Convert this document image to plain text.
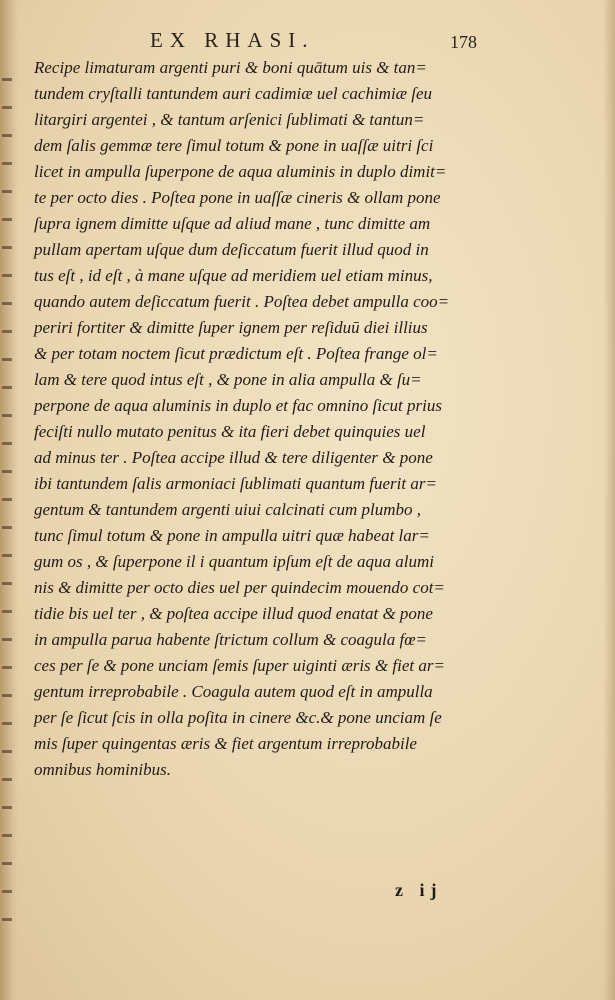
EX RHASI.	178
Recipe limaturam argenti puri & boni quātum uis & tan=
tundem cryſtalli tantundem auri cadimiæ uel cachimiæ ſeu
litargiri argentei , & tantum arſenici ſublimati & tantun=
dem ſalis gemmæ tere ſimul totum & pone in uaſſæ uitri ſci
licet in ampulla ſuperpone de aqua aluminis in duplo dimit=
te per octo dies . Poſtea pone in uaſſæ cineris & ollam pone
ſupra ignem dimitte uſque ad aliud mane , tunc dimitte am
pullam apertam uſque dum deſiccatum fuerit illud quod in
tus eſt , id eſt , à mane uſque ad meridiem uel etiam minus,
quando autem deſiccatum fuerit . Poſtea debet ampulla coo=
periri fortiter & dimitte ſuper ignem per reſiduū diei illius
& per totam noctem ſicut prædictum eſt . Poſtea frange ol=
lam & tere quod intus eſt , & pone in alia ampulla & ſu=
perpone de aqua aluminis in duplo et fac omnino ſicut prius
feciſti nullo mutato penitus & ita fieri debet quinquies uel
ad minus ter . Poſtea accipe illud & tere diligenter & pone
ibi tantundem ſalis armoniaci ſublimati quantum fuerit ar=
gentum & tantundem argenti uiui calcinati cum plumbo ,
tunc ſimul totum & pone in ampulla uitri quæ habeat lar=
gum os , & ſuperpone il i quantum ipſum eſt de aqua alumi
nis & dimitte per octo dies uel per quindecim mouendo cot=
tidie bis uel ter , & poſtea accipe illud quod enatat & pone
in ampulla parua habente ſtrictum collum & coagula fœ=
ces per ſe & pone unciam ſemis ſuper uiginti æris & fiet ar=
gentum irreprobabile . Coagula autem quod eſt in ampulla
per ſe ſicut ſcis in olla poſita in cinere &c.& pone unciam ſe
mis ſuper quingentas æris & fiet argentum irreprobabile
omnibus hominibus.
z ij
